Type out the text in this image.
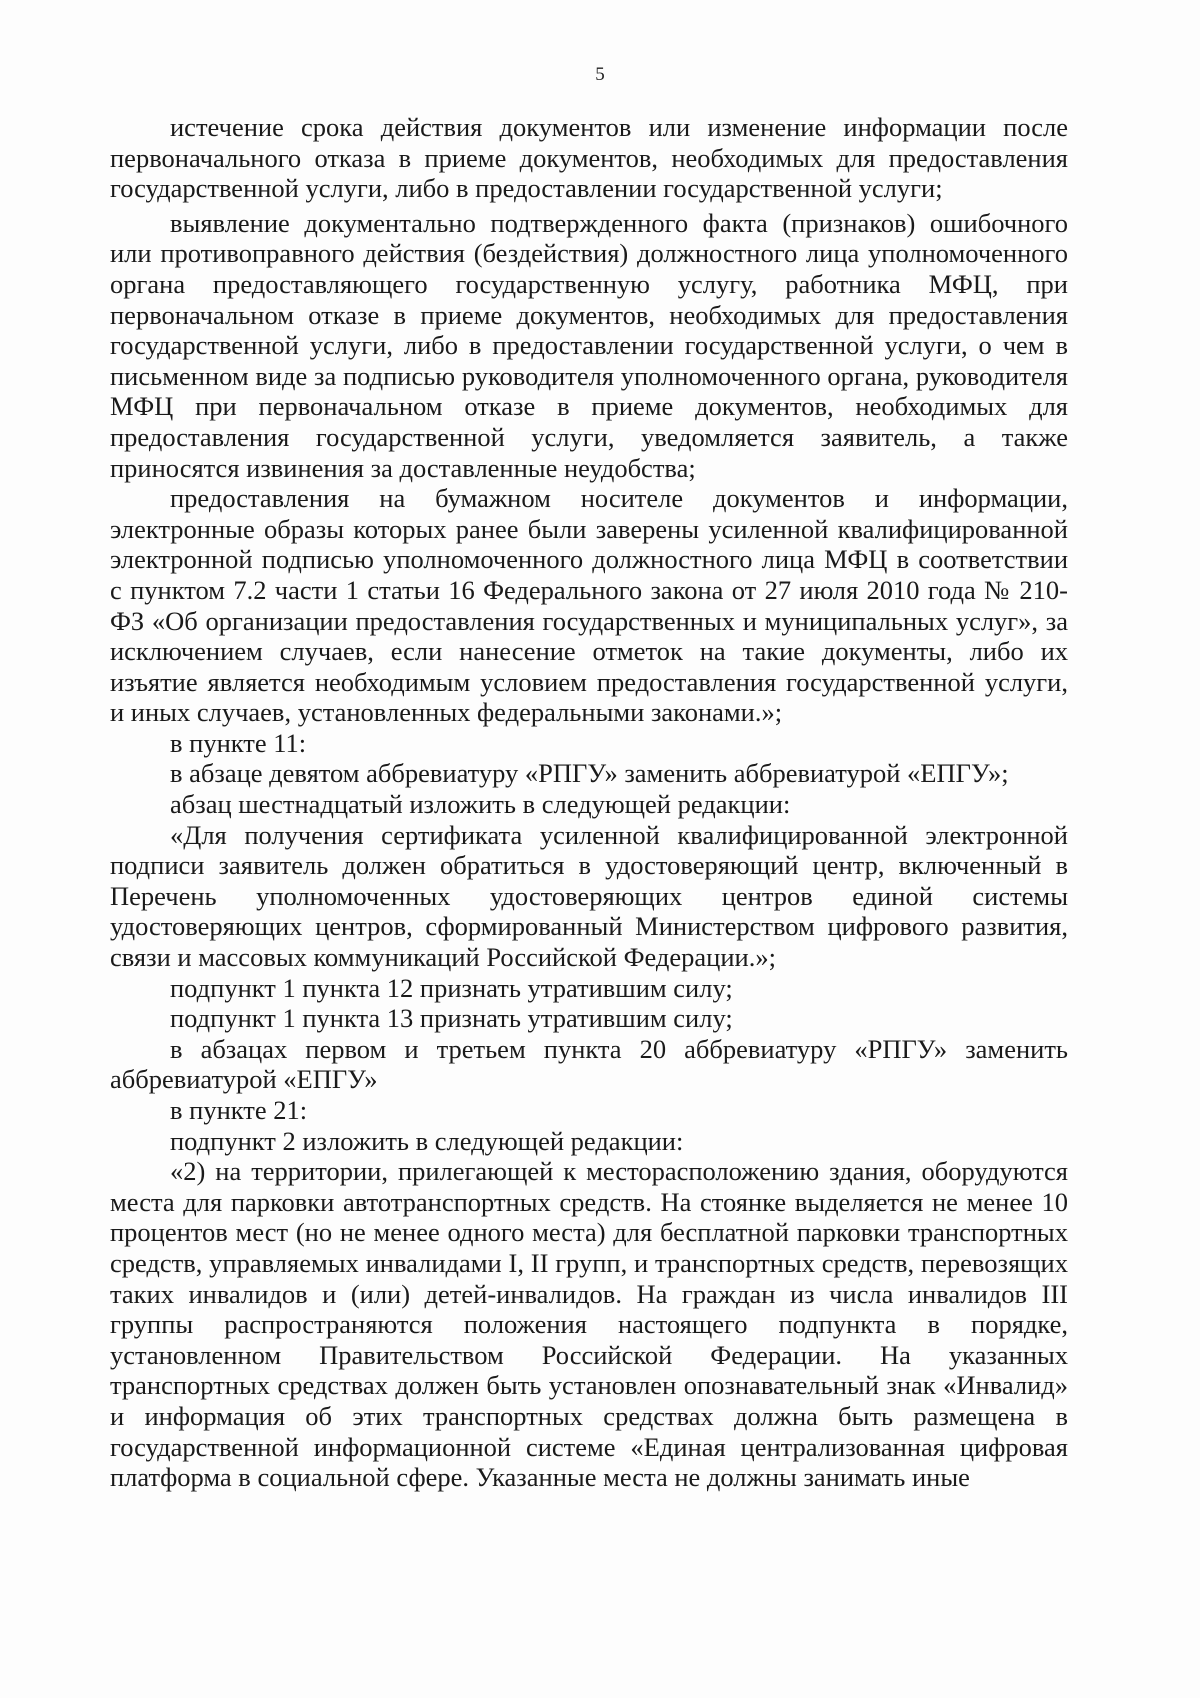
5

истечение срока действия документов или изменение информации после первоначального отказа в приеме документов, необходимых для предоставления государственной услуги, либо в предоставлении государственной услуги;

выявление документально подтвержденного факта (признаков) ошибочного или противоправного действия (бездействия) должностного лица уполномоченного органа предоставляющего государственную услугу, работника МФЦ, при первоначальном отказе в приеме документов, необходимых для предоставления государственной услуги, либо в предоставлении государственной услуги, о чем в письменном виде за подписью руководителя уполномоченного органа, руководителя МФЦ при первоначальном отказе в приеме документов, необходимых для предоставления государственной услуги, уведомляется заявитель, а также приносятся извинения за доставленные неудобства;

предоставления на бумажном носителе документов и информации, электронные образы которых ранее были заверены усиленной квалифицированной электронной подписью уполномоченного должностного лица МФЦ в соответствии с пунктом 7.2 части 1 статьи 16 Федерального закона от 27 июля 2010 года № 210-ФЗ «Об организации предоставления государственных и муниципальных услуг», за исключением случаев, если нанесение отметок на такие документы, либо их изъятие является необходимым условием предоставления государственной услуги, и иных случаев, установленных федеральными законами.»;

в пункте 11:

в абзаце девятом аббревиатуру «РПГУ» заменить аббревиатурой «ЕПГУ»;

абзац шестнадцатый изложить в следующей редакции:

«Для получения сертификата усиленной квалифицированной электронной подписи заявитель должен обратиться в удостоверяющий центр, включенный в Перечень уполномоченных удостоверяющих центров единой системы удостоверяющих центров, сформированный Министерством цифрового развития, связи и массовых коммуникаций Российской Федерации.»;

подпункт 1 пункта 12 признать утратившим силу;

подпункт 1 пункта 13 признать утратившим силу;

в абзацах первом и третьем пункта 20 аббревиатуру «РПГУ» заменить аббревиатурой «ЕПГУ»

в пункте 21:

подпункт 2 изложить в следующей редакции:

«2) на территории, прилегающей к месторасположению здания, оборудуются места для парковки автотранспортных средств. На стоянке выделяется не менее 10 процентов мест (но не менее одного места) для бесплатной парковки транспортных средств, управляемых инвалидами I, II групп, и транспортных средств, перевозящих таких инвалидов и (или) детей-инвалидов. На граждан из числа инвалидов III группы распространяются положения настоящего подпункта в порядке, установленном Правительством Российской Федерации. На указанных транспортных средствах должен быть установлен опознавательный знак «Инвалид» и информация об этих транспортных средствах должна быть размещена в государственной информационной системе «Единая централизованная цифровая платформа в социальной сфере. Указанные места не должны занимать иные
